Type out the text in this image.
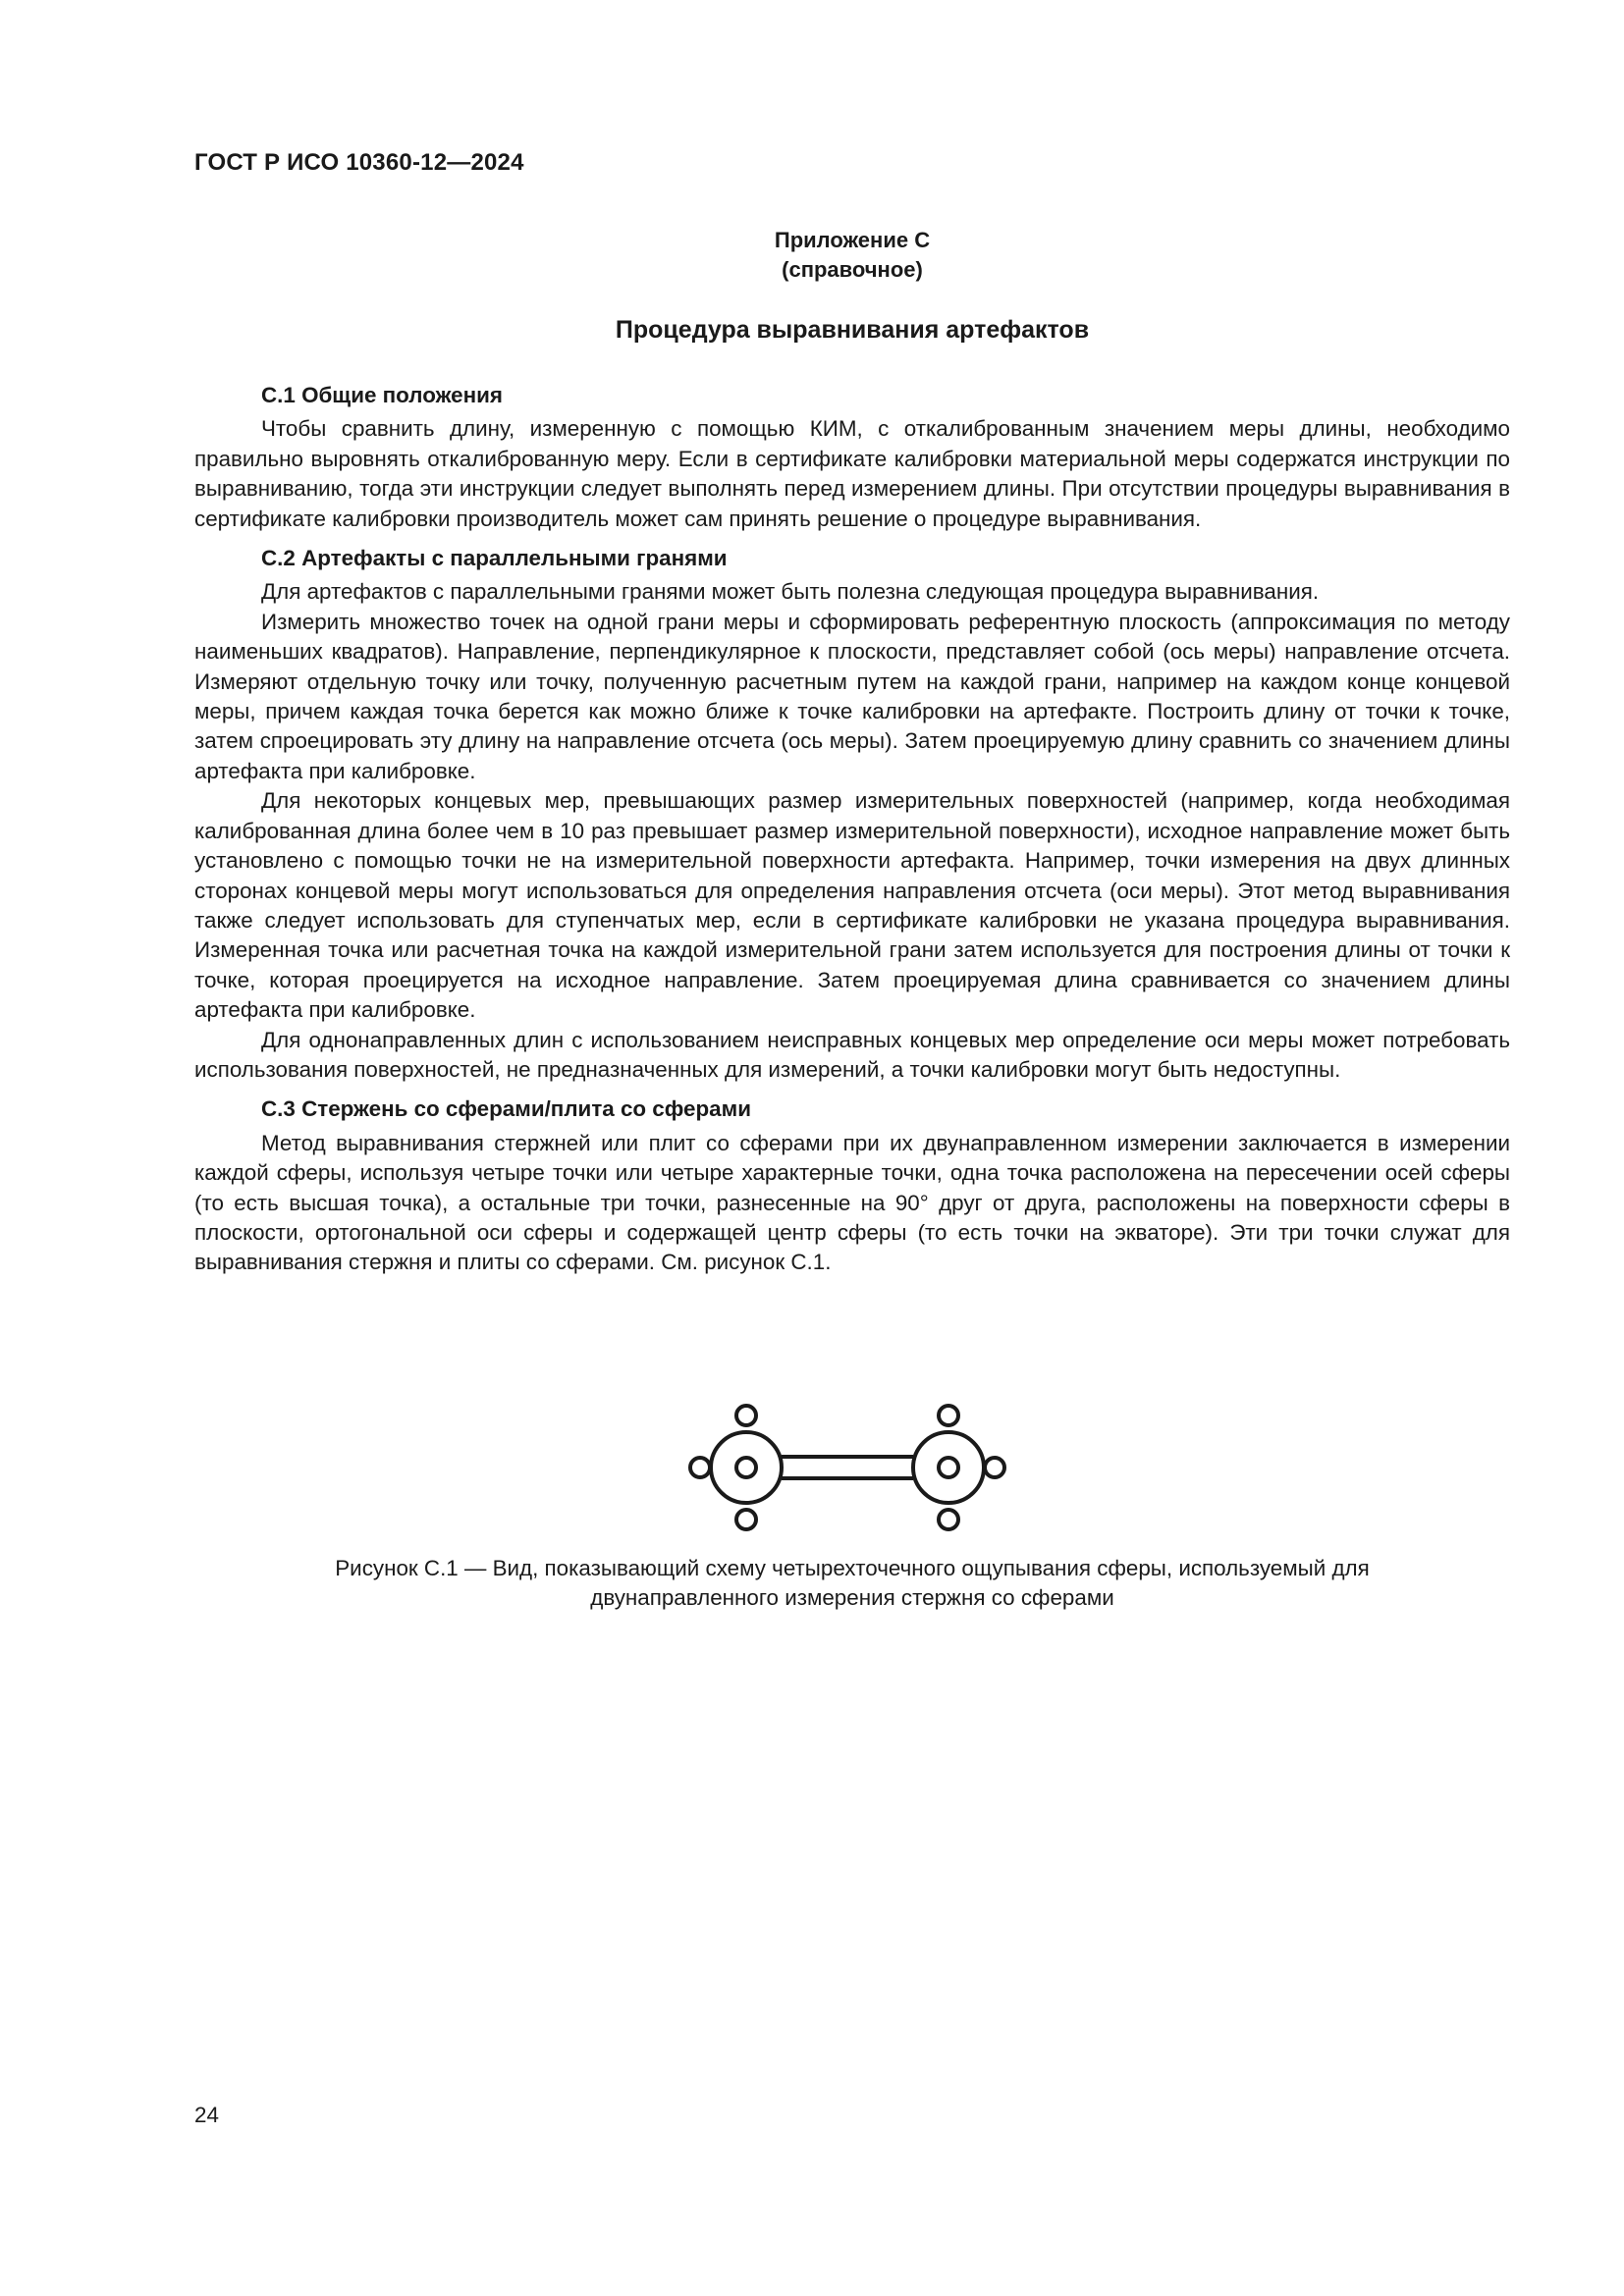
ГОСТ Р ИСО 10360-12—2024
Приложение С
(справочное)
Процедура выравнивания артефактов
С.1 Общие положения

Чтобы сравнить длину, измеренную с помощью КИМ, с откалиброванным значением меры длины, необходимо правильно выровнять откалиброванную меру. Если в сертификате калибровки материальной меры содержатся инструкции по выравниванию, тогда эти инструкции следует выполнять перед измерением длины. При отсутствии процедуры выравнивания в сертификате калибровки производитель может сам принять решение о процедуре выравнивания.

С.2 Артефакты с параллельными гранями

Для артефактов с параллельными гранями может быть полезна следующая процедура выравнивания.

Измерить множество точек на одной грани меры и сформировать референтную плоскость (аппроксимация по методу наименьших квадратов). Направление, перпендикулярное к плоскости, представляет собой (ось меры) направление отсчета. Измеряют отдельную точку или точку, полученную расчетным путем на каждой грани, например на каждом конце концевой меры, причем каждая точка берется как можно ближе к точке калибровки на артефакте. Построить длину от точки к точке, затем спроецировать эту длину на направление отсчета (ось меры). Затем проецируемую длину сравнить со значением длины артефакта при калибровке.

Для некоторых концевых мер, превышающих размер измерительных поверхностей (например, когда необходимая калиброванная длина более чем в 10 раз превышает размер измерительной поверхности), исходное направление может быть установлено с помощью точки не на измерительной поверхности артефакта. Например, точки измерения на двух длинных сторонах концевой меры могут использоваться для определения направления отсчета (оси меры). Этот метод выравнивания также следует использовать для ступенчатых мер, если в сертификате калибровки не указана процедура выравнивания. Измеренная точка или расчетная точка на каждой измерительной грани затем используется для построения длины от точки к точке, которая проецируется на исходное направление. Затем проецируемая длина сравнивается со значением длины артефакта при калибровке.

Для однонаправленных длин с использованием неисправных концевых мер определение оси меры может потребовать использования поверхностей, не предназначенных для измерений, а точки калибровки могут быть недоступны.

С.3 Стержень со сферами/плита со сферами

Метод выравнивания стержней или плит со сферами при их двунаправленном измерении заключается в измерении каждой сферы, используя четыре точки или четыре характерные точки, одна точка расположена на пересечении осей сферы (то есть высшая точка), а остальные три точки, разнесенные на 90° друг от друга, расположены на поверхности сферы в плоскости, ортогональной оси сферы и содержащей центр сферы (то есть точки на экваторе). Эти три точки служат для выравнивания стержня и плиты со сферами. См. рисунок С.1.

Рисунок С.1 — Вид, показывающий схему четырехточечного ощупывания сферы, используемый для
двунаправленного измерения стержня со сферами
24
